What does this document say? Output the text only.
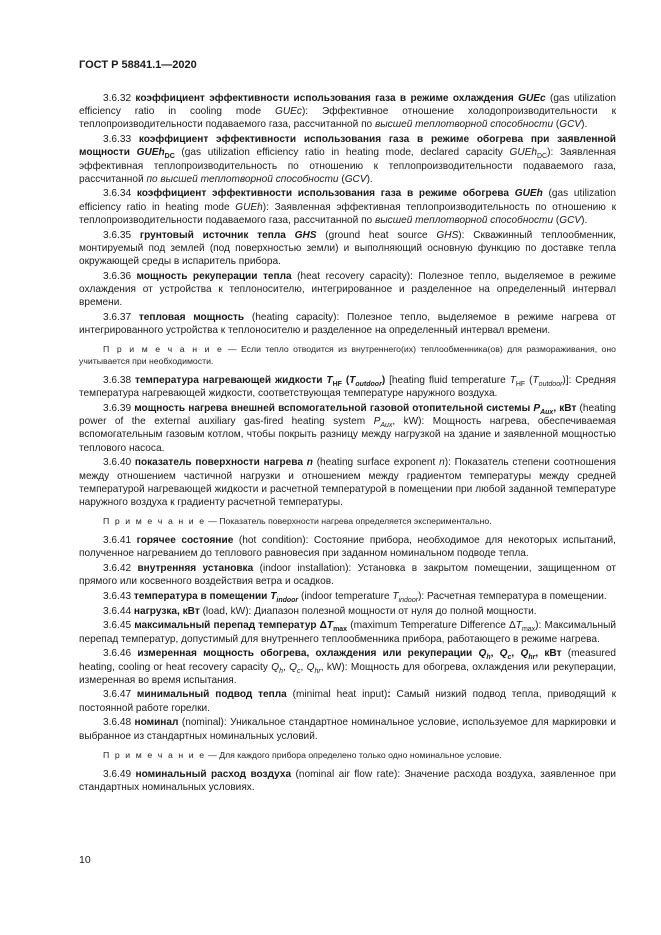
ГОСТ Р 58841.1—2020

3.6.32 коэффициент эффективности использования газа в режиме охлаждения GUEc (gas utilization efficiency ratio in cooling mode GUEc): Эффективное отношение холодопроизводительности к теплопроизводительности подаваемого газа, рассчитанной по высшей теплотворной способности (GCV).

3.6.33 коэффициент эффективности использования газа в режиме обогрева при заявленной мощности GUEh$_{DC}$ (gas utilization efficiency ratio in heating mode, declared capacity GUEh$_{DC}$): Заявленная эффективная теплопроизводительность по отношению к теплопроизводительности подаваемого газа, рассчитанной по высшей теплотворной способности (GCV).

3.6.34 коэффициент эффективности использования газа в режиме обогрева GUEh (gas utilization efficiency ratio in heating mode GUEh): Заявленная эффективная теплопроизводительность по отношению к теплопроизводительности подаваемого газа, рассчитанной по высшей теплотворной способности (GCV).

3.6.35 грунтовый источник тепла GHS (ground heat source GHS): Скважинный теплообменник, монтируемый под землей (под поверхностью земли) и выполняющий основную функцию по доставке тепла окружающей среды в испаритель прибора.

3.6.36 мощность рекуперации тепла (heat recovery capacity): Полезное тепло, выделяемое в режиме охлаждения от устройства к теплоносителю, интегрированное и разделенное на определенный интервал времени.

3.6.37 тепловая мощность (heating capacity): Полезное тепло, выделяемое в режиме нагрева от интегрированного устройства к теплоносителю и разделенное на определенный интервал времени.

П р и м е ч а н и е — Если тепло отводится из внутреннего(их) теплообменника(ов) для размораживания, оно учитывается при необходимости.

3.6.38 температура нагревающей жидкости $T_{HF}$ $(T_{outdoor})$ [heating fluid temperature $T_{HF}$ $(T_{outdoor})$]: Средняя температура нагревающей жидкости, соответствующая температуре наружного воздуха.

3.6.39 мощность нагрева внешней вспомогательной газовой отопительной системы $P_{Aux}$, кВт (heating power of the external auxiliary gas-fired heating system $P_{Aux}$, kW): Мощность нагрева, обеспечиваемая вспомогательным газовым котлом, чтобы покрыть разницу между нагрузкой на здание и заявленной мощностью теплового насоса.

3.6.40 показатель поверхности нагрева n (heating surface exponent n): Показатель степени соотношения между отношением частичной нагрузки и отношением между градиентом температуры между средней температурой нагревающей жидкости и расчетной температурой в помещении при любой заданной температуре наружного воздуха к градиенту расчетной температуры.

П р и м е ч а н и е — Показатель поверхности нагрева определяется экспериментально.

3.6.41 горячее состояние (hot condition): Состояние прибора, необходимое для некоторых испытаний, полученное нагреванием до теплового равновесия при заданном номинальном подводе тепла.

3.6.42 внутренняя установка (indoor installation): Установка в закрытом помещении, защищенном от прямого или косвенного воздействия ветра и осадков.

3.6.43 температура в помещении $T_{indoor}$ (indoor temperature $T_{indoor}$): Расчетная температура в помещении.

3.6.44 нагрузка, кВт (load, kW): Диапазон полезной мощности от нуля до полной мощности.

3.6.45 максимальный перепад температур $\Delta T_{max}$ (maximum Temperature Difference $\Delta T_{max}$): Максимальный перепад температур, допустимый для внутреннего теплообменника прибора, работающего в режиме нагрева.

3.6.46 измеренная мощность обогрева, охлаждения или рекуперации $Q_h$, $Q_c$, $Q_{hr}$, кВт (measured heating, cooling or heat recovery capacity $Q_h$, $Q_c$, $Q_{hr}$, kW): Мощность для обогрева, охлаждения или рекуперации, измеренная во время испытания.

3.6.47 минимальный подвод тепла (minimal heat input): Самый низкий подвод тепла, приводящий к постоянной работе горелки.

3.6.48 номинал (nominal): Уникальное стандартное номинальное условие, используемое для маркировки и выбранное из стандартных номинальных условий.

П р и м е ч а н и е — Для каждого прибора определено только одно номинальное условие.

3.6.49 номинальный расход воздуха (nominal air flow rate): Значение расхода воздуха, заявленное при стандартных номинальных условиях.

10
